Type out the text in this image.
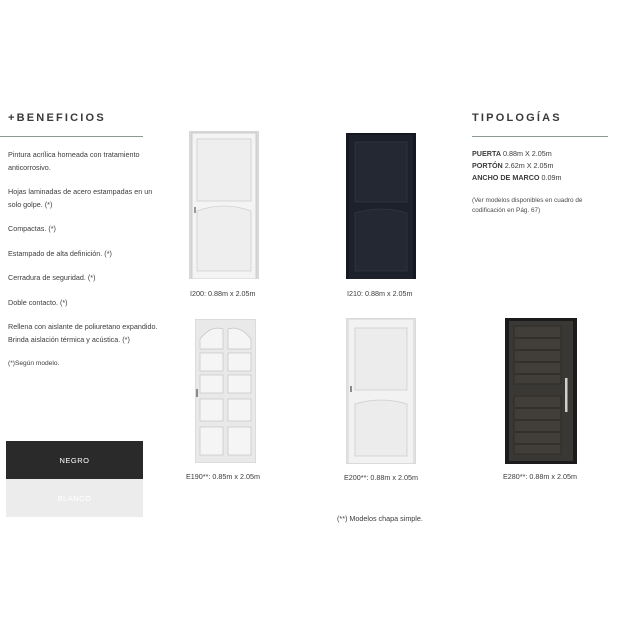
+BENEFICIOS

Pintura acrílica horneada con tratamiento anticorrosivo.

Hojas laminadas de acero estampadas en un solo golpe. (*)

Compactas. (*)

Estampado de alta definición. (*)

Cerradura de seguridad. (*)

Doble contacto. (*)

Rellena con aislante de poliuretano expandido. Brinda aislación térmica y acústica. (*)

(*)Según modelo.

NEGRO
BLANCO
TIPOLOGÍAS
PUERTA 0.88m X 2.05m
PORTÓN 2.62m X 2.05m
ANCHO DE MARCO 0.09m
(Ver modelos disponibles en cuadro de codificación en Pág. 67)
I200: 0.88m x 2.05m	I210: 0.88m x 2.05m
E190**: 0.85m x 2.05m	E200**: 0.88m x 2.05m	E280**: 0.88m x 2.05m
(**) Modelos chapa simple.
